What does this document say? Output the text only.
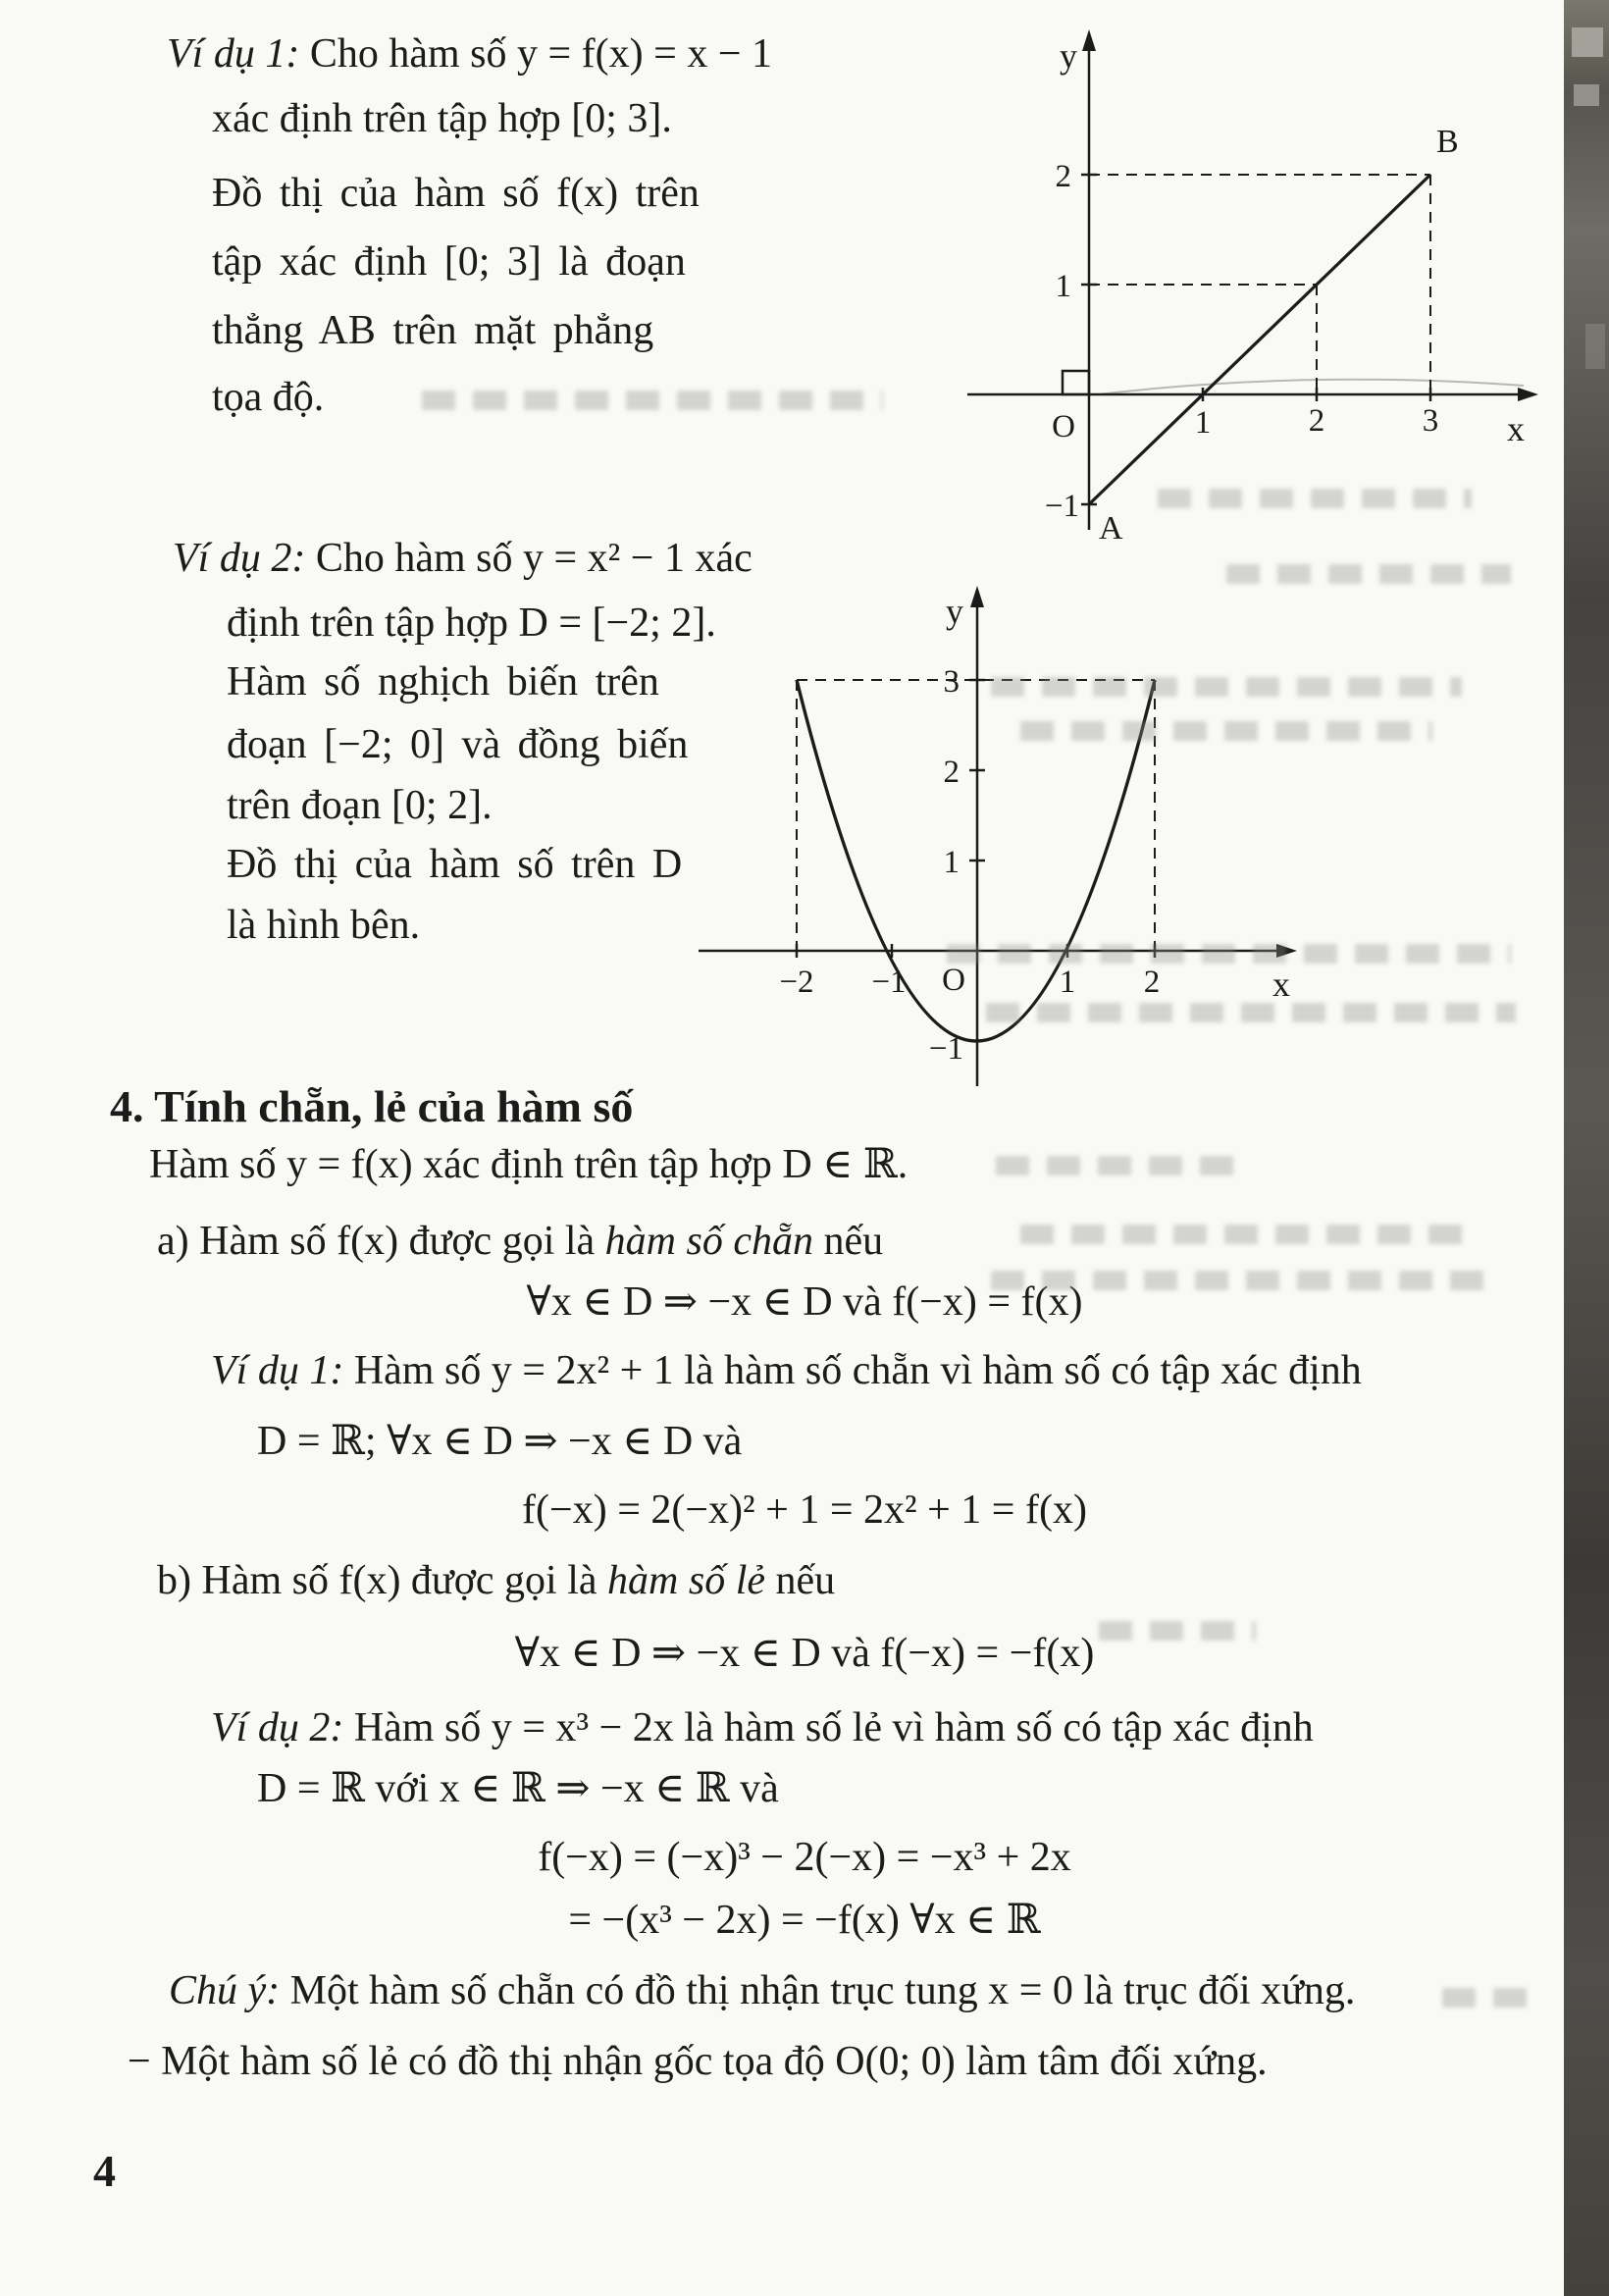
Ví dụ 1: Cho hàm số y = f(x) = x − 1
xác định trên tập hợp [0; 3].
Đồ thị của hàm số f(x) trên
tập xác định [0; 3] là đoạn
thẳng AB trên mặt phẳng
tọa độ.
y
x
O
2
1
−1
1	2	3
A
B
Ví dụ 2: Cho hàm số y = x² − 1 xác
định trên tập hợp D = [−2; 2].
Hàm số nghịch biến trên
đoạn [−2; 0] và đồng biến
trên đoạn [0; 2].
Đồ thị của hàm số trên D
là hình bên.
y
x
O
3
2
1
−2 −1	1 2
−1
4. Tính chẵn, lẻ của hàm số
Hàm số y = f(x) xác định trên tập hợp D ∈ ℝ.
a) Hàm số f(x) được gọi là hàm số chẵn nếu
∀x ∈ D ⇒ −x ∈ D và f(−x) = f(x)
Ví dụ 1: Hàm số y = 2x² + 1 là hàm số chẵn vì hàm số có tập xác định
D = ℝ; ∀x ∈ D ⇒ −x ∈ D và
f(−x) = 2(−x)² + 1 = 2x² + 1 = f(x)
b) Hàm số f(x) được gọi là hàm số lẻ nếu
∀x ∈ D ⇒ −x ∈ D và f(−x) = −f(x)
Ví dụ 2: Hàm số y = x³ − 2x là hàm số lẻ vì hàm số có tập xác định
D = ℝ với x ∈ ℝ ⇒ −x ∈ ℝ và
f(−x) = (−x)³ − 2(−x) = −x³ + 2x
= −(x³ − 2x) = −f(x) ∀x ∈ ℝ
Chú ý: Một hàm số chẵn có đồ thị nhận trục tung x = 0 là trục đối xứng.
− Một hàm số lẻ có đồ thị nhận gốc tọa độ O(0; 0) làm tâm đối xứng.
4
